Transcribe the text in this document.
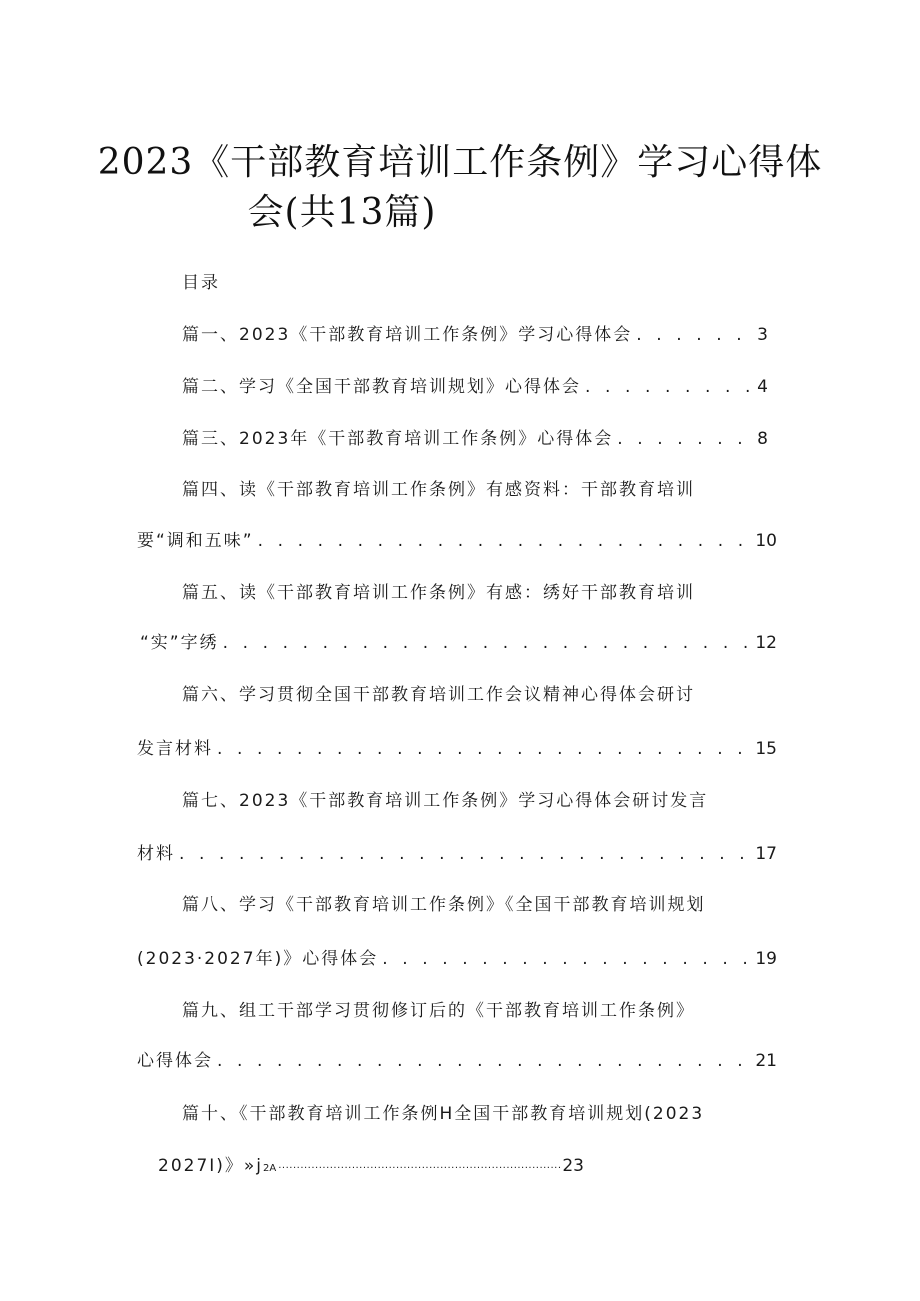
2023《干部教育培训工作条例》学习心得体
会(共13篇)
目录
篇一、2023《干部教育培训工作条例》学习心得体会 . . .	3
篇二、学习《全国干部教育培训规划》心得体会 . . .	4
篇三、2023年《干部教育培训工作条例》心得体会 . . .	8
篇四、读《干部教育培训工作条例》有感资料：干部教育培训
要“调和五味” . . .	10
篇五、读《干部教育培训工作条例》有感：绣好干部教育培训
“实”字绣 . . .	12
篇六、学习贯彻全国干部教育培训工作会议精神心得体会研讨
发言材料 . . .	15
篇七、2023《干部教育培训工作条例》学习心得体会研讨发言
材料 . . .	17
篇八、学习《干部教育培训工作条例》《全国干部教育培训规划
(2023·2027年)》心得体会 . . .	19
篇九、组工干部学习贯彻修订后的《干部教育培训工作条例》
心得体会 . . .	21
篇十、《干部教育培训工作条例H全国干部教育培训规划(2023
2027I)》»j 2A ·····	23
